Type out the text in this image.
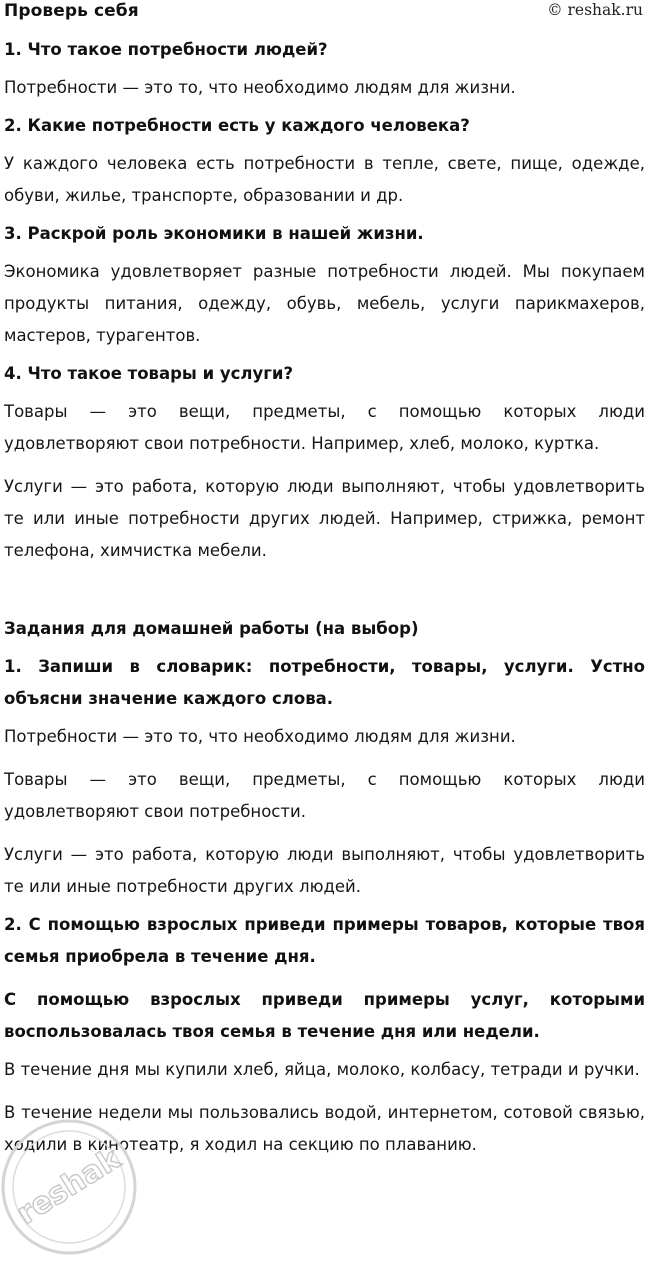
Проверь себя	© reshak.ru

1. Что такое потребности людей?

Потребности — это то, что необходимо людям для жизни.

2. Какие потребности есть у каждого человека?

У каждого человека есть потребности в тепле, свете, пище, одежде, обуви, жилье, транспорте, образовании и др.

3. Раскрой роль экономики в нашей жизни.

Экономика удовлетворяет разные потребности людей. Мы покупаем продукты питания, одежду, обувь, мебель, услуги парикмахеров, мастеров, турагентов.

4. Что такое товары и услуги?

Товары — это вещи, предметы, с помощью которых люди удовлетворяют свои потребности. Например, хлеб, молоко, куртка.

Услуги — это работа, которую люди выполняют, чтобы удовлетворить те или иные потребности других людей. Например, стрижка, ремонт телефона, химчистка мебели.

Задания для домашней работы (на выбор)

1. Запиши в словарик: потребности, товары, услуги. Устно объясни значение каждого слова.

Потребности — это то, что необходимо людям для жизни.

Товары — это вещи, предметы, с помощью которых люди удовлетворяют свои потребности.

Услуги — это работа, которую люди выполняют, чтобы удовлетворить те или иные потребности других людей.

2. С помощью взрослых приведи примеры товаров, которые твоя семья приобрела в течение дня.

С помощью взрослых приведи примеры услуг, которыми воспользовалась твоя семья в течение дня или недели.

В течение дня мы купили хлеб, яйца, молоко, колбасу, тетради и ручки.

В течение недели мы пользовались водой, интернетом, сотовой связью, ходили в кинотеатр, я ходил на секцию по плаванию.

reshak
